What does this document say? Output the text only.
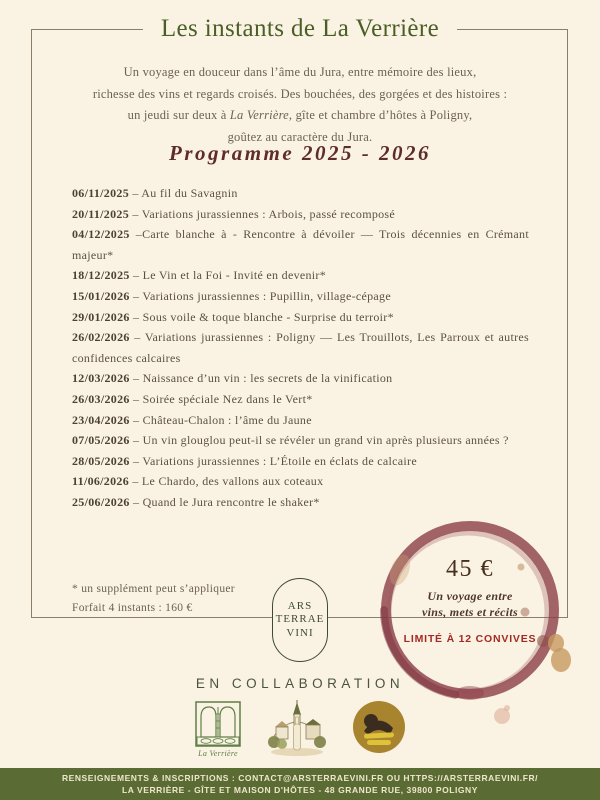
Les instants de La Verrière
Un voyage en douceur dans l’âme du Jura, entre mémoire des lieux,
richesse des vins et regards croisés. Des bouchées, des gorgées et des histoires :
un jeudi sur deux à La Verrière, gîte et chambre d’hôtes à Poligny,
goûtez au caractère du Jura.
Programme 2025 - 2026
06/11/2025 – Au fil du Savagnin
20/11/2025 – Variations jurassiennes : Arbois, passé recomposé
04/12/2025 –Carte blanche à - Rencontre à dévoiler — Trois décennies en Crémant majeur*
18/12/2025 – Le Vin et la Foi - Invité en devenir*
15/01/2026 – Variations jurassiennes : Pupillin, village-cépage
29/01/2026 – Sous voile & toque blanche - Surprise du terroir*
26/02/2026 – Variations jurassiennes : Poligny — Les Trouillots, Les Parroux et autres confidences calcaires
12/03/2026 – Naissance d’un vin : les secrets de la vinification
26/03/2026 – Soirée spéciale Nez dans le Vert*
23/04/2026 – Château-Chalon : l’âme du Jaune
07/05/2026 – Un vin glouglou peut-il se révéler un grand vin après plusieurs années ?
28/05/2026 – Variations jurassiennes : L’Étoile en éclats de calcaire
11/06/2026 – Le Chardo, des vallons aux coteaux
25/06/2026 – Quand le Jura rencontre le shaker*
* un supplément peut s’appliquer
Forfait 4 instants : 160 €
45 €
Un voyage entre
vins, mets et récits
LIMITÉ À 12 CONVIVES
ARS
TERRAE
VINI
EN COLLABORATION
La Verrière
RENSEIGNEMENTS & INSCRIPTIONS : CONTACT@ARSTERRAEVINI.FR OU HTTPS://ARSTERRAEVINI.FR/
LA VERRIÈRE - GÎTE ET MAISON D'HÔTES - 48 GRANDE RUE, 39800 POLIGNY
